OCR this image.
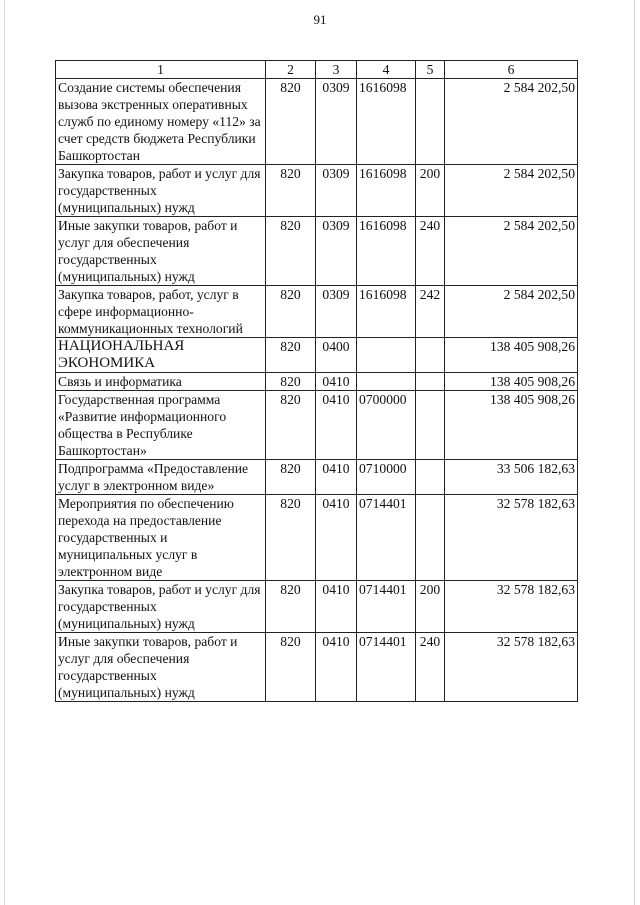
91
1	2	3	4	5	6
Создание системы обеспечения вызова экстренных оперативных служб по единому номеру «112» за счет средств бюджета Республики Башкортостан	820	0309	1616098		2 584 202,50
Закупка товаров, работ и услуг для государственных (муниципальных) нужд	820	0309	1616098	200	2 584 202,50
Иные закупки товаров, работ и услуг для обеспечения государственных (муниципальных) нужд	820	0309	1616098	240	2 584 202,50
Закупка товаров, работ, услуг в сфере информационно-коммуникационных технологий	820	0309	1616098	242	2 584 202,50
НАЦИОНАЛЬНАЯ ЭКОНОМИКА	820	0400			138 405 908,26
Связь и информатика	820	0410			138 405 908,26
Государственная программа «Развитие информационного общества в Республике Башкортостан»	820	0410	0700000		138 405 908,26
Подпрограмма «Предоставление услуг в электронном виде»	820	0410	0710000		33 506 182,63
Мероприятия по обеспечению перехода на предоставление государственных и муниципальных услуг в электронном виде	820	0410	0714401		32 578 182,63
Закупка товаров, работ и услуг для государственных (муниципальных) нужд	820	0410	0714401	200	32 578 182,63
Иные закупки товаров, работ и услуг для обеспечения государственных (муниципальных) нужд	820	0410	0714401	240	32 578 182,63
